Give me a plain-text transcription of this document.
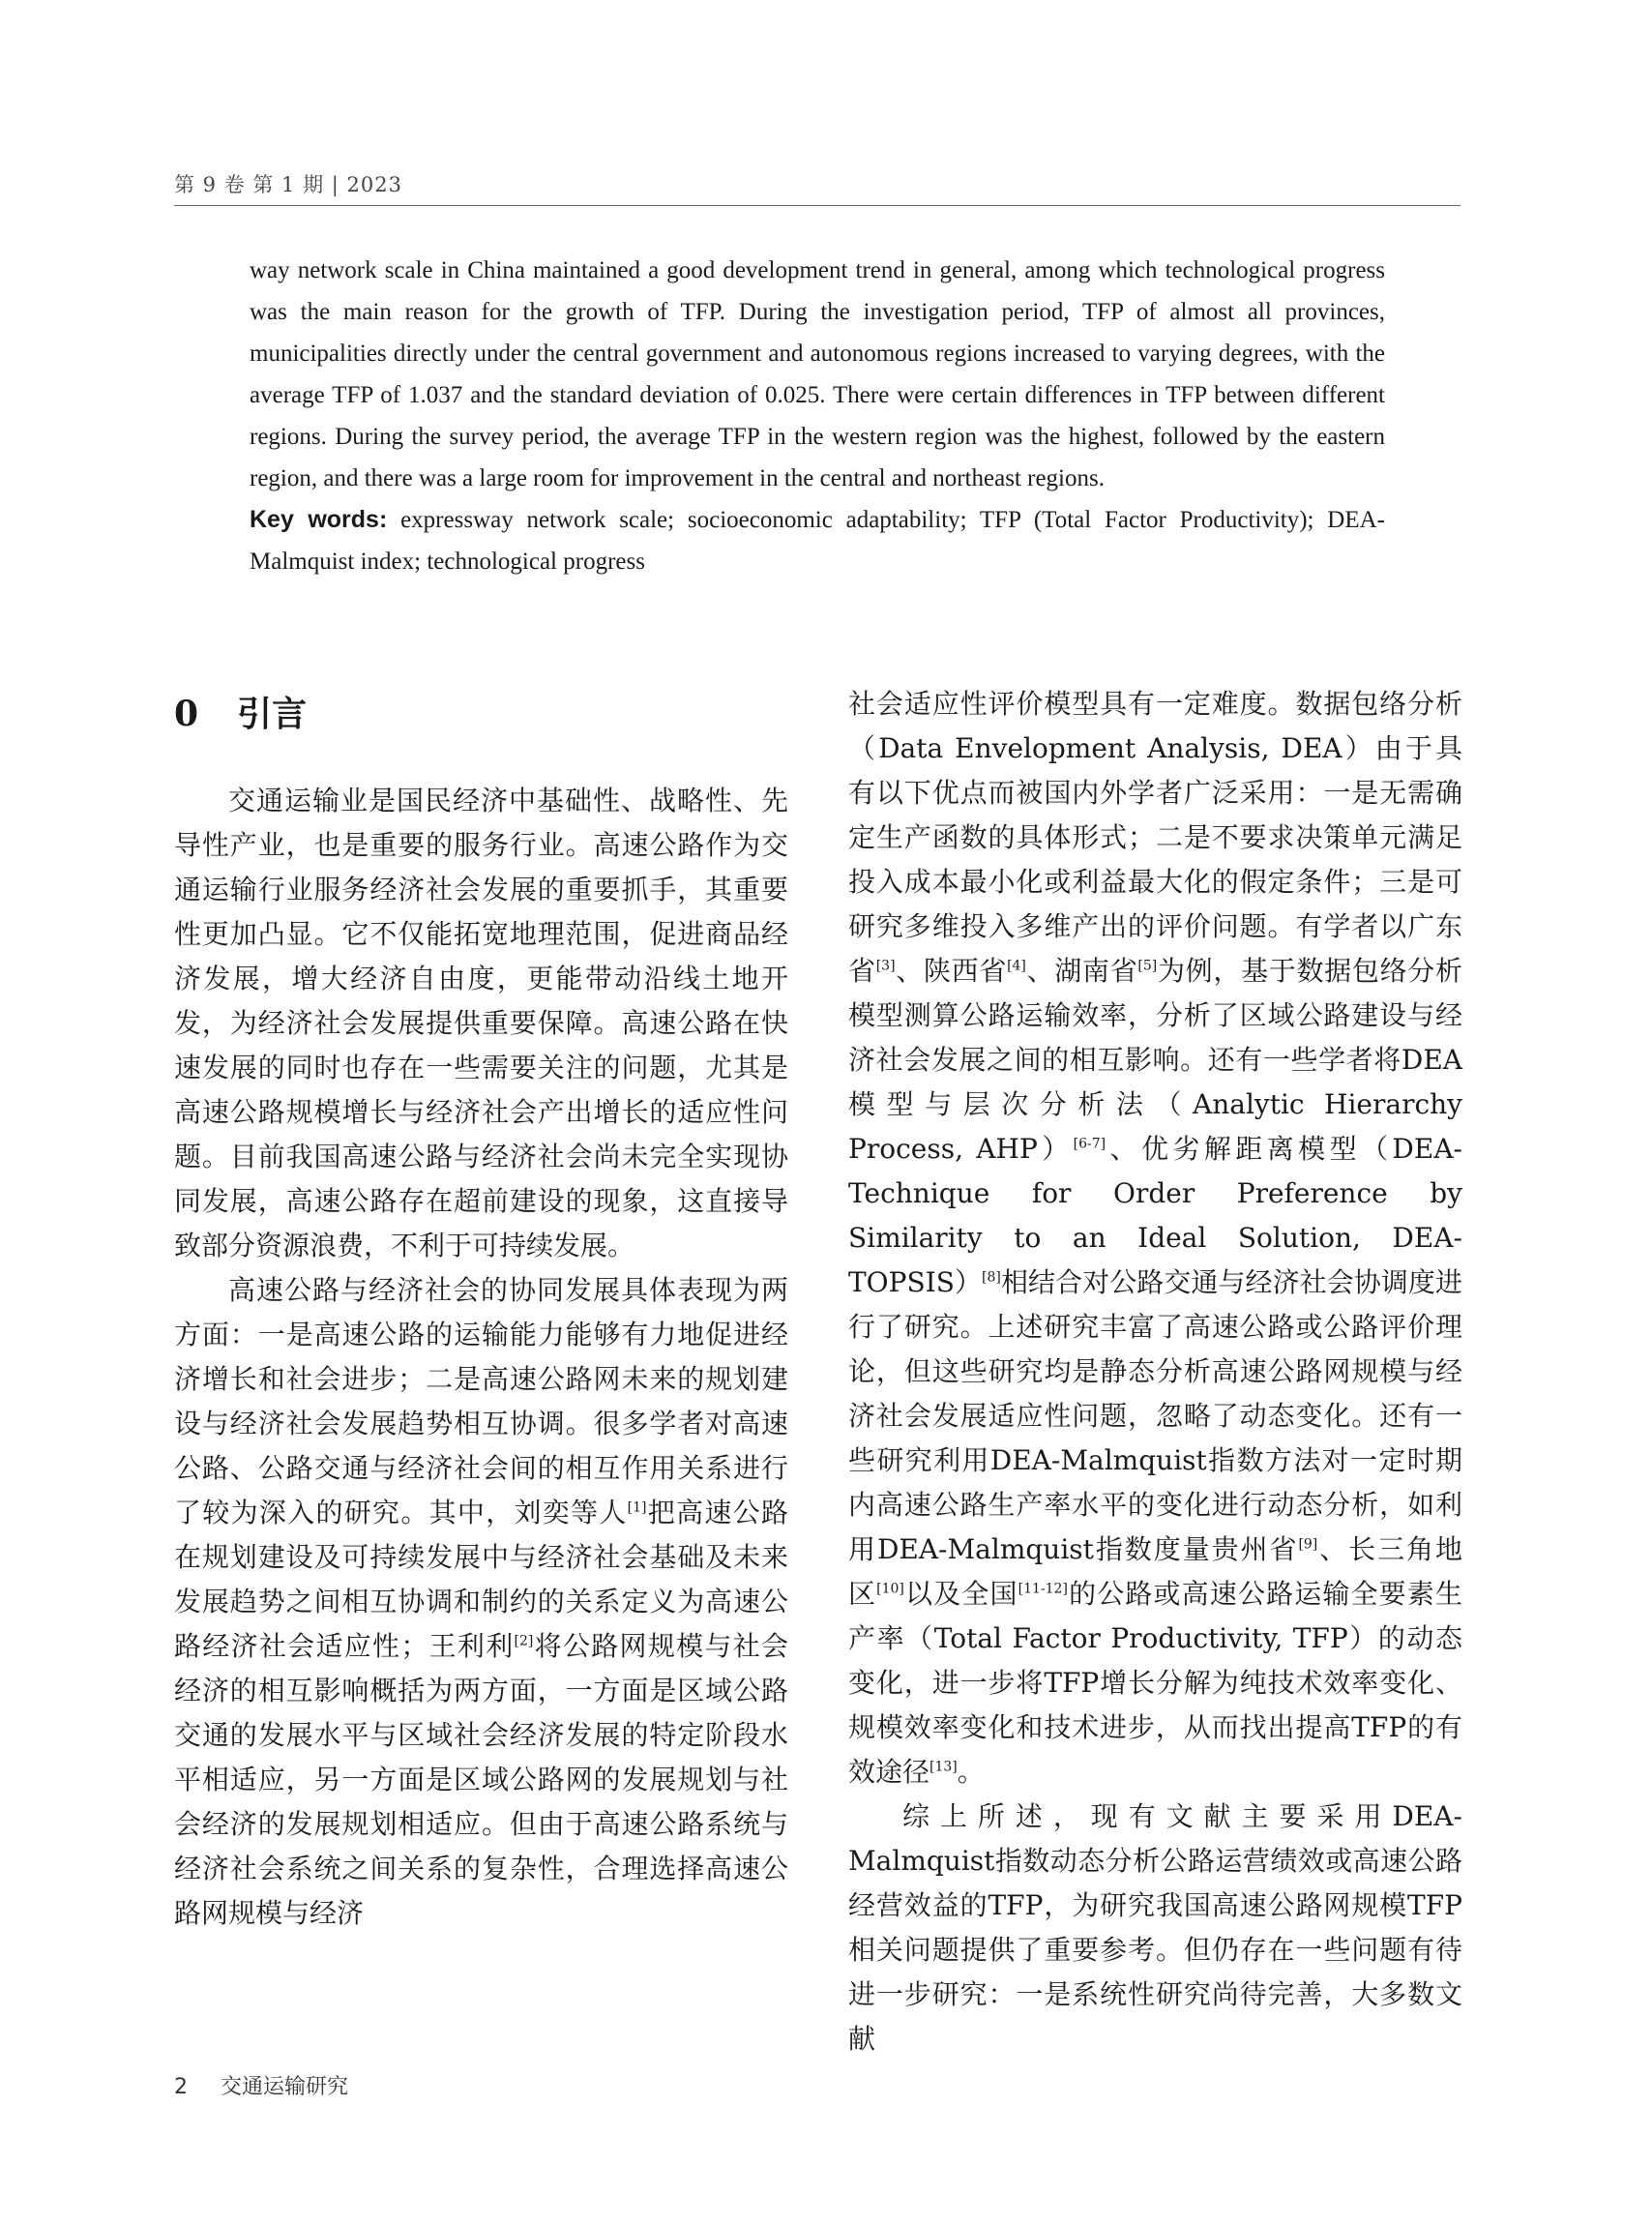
第 9 卷 第 1 期 | 2023

way network scale in China maintained a good development trend in general, among which technological progress was the main reason for the growth of TFP. During the investigation period, TFP of almost all provinces, municipalities directly under the central government and autonomous regions increased to varying degrees, with the average TFP of 1.037 and the standard deviation of 0.025. There were certain differences in TFP between different regions. During the survey period, the average TFP in the western region was the highest, followed by the eastern region, and there was a large room for improvement in the central and northeast regions.

Key words: expressway network scale; socioeconomic adaptability; TFP (Total Factor Productivity); DEA-Malmquist index; technological progress

0 引言

交通运输业是国民经济中基础性、战略性、先导性产业，也是重要的服务行业。高速公路作为交通运输行业服务经济社会发展的重要抓手，其重要性更加凸显。它不仅能拓宽地理范围，促进商品经济发展，增大经济自由度，更能带动沿线土地开发，为经济社会发展提供重要保障。高速公路在快速发展的同时也存在一些需要关注的问题，尤其是高速公路规模增长与经济社会产出增长的适应性问题。目前我国高速公路与经济社会尚未完全实现协同发展，高速公路存在超前建设的现象，这直接导致部分资源浪费，不利于可持续发展。

高速公路与经济社会的协同发展具体表现为两方面：一是高速公路的运输能力能够有力地促进经济增长和社会进步；二是高速公路网未来的规划建设与经济社会发展趋势相互协调。很多学者对高速公路、公路交通与经济社会间的相互作用关系进行了较为深入的研究。其中，刘奕等人[1]把高速公路在规划建设及可持续发展中与经济社会基础及未来发展趋势之间相互协调和制约的关系定义为高速公路经济社会适应性；王利利[2]将公路网规模与社会经济的相互影响概括为两方面，一方面是区域公路交通的发展水平与区域社会经济发展的特定阶段水平相适应，另一方面是区域公路网的发展规划与社会经济的发展规划相适应。但由于高速公路系统与经济社会系统之间关系的复杂性，合理选择高速公路网规模与经济

社会适应性评价模型具有一定难度。数据包络分析（Data Envelopment Analysis, DEA）由于具有以下优点而被国内外学者广泛采用：一是无需确定生产函数的具体形式；二是不要求决策单元满足投入成本最小化或利益最大化的假定条件；三是可研究多维投入多维产出的评价问题。有学者以广东省[3]、陕西省[4]、湖南省[5]为例，基于数据包络分析模型测算公路运输效率，分析了区域公路建设与经济社会发展之间的相互影响。还有一些学者将DEA模型与层次分析法（Analytic Hierarchy Process, AHP）[6-7]、优劣解距离模型（DEA-Technique for Order Preference by Similarity to an Ideal Solution, DEA-TOPSIS）[8]相结合对公路交通与经济社会协调度进行了研究。上述研究丰富了高速公路或公路评价理论，但这些研究均是静态分析高速公路网规模与经济社会发展适应性问题，忽略了动态变化。还有一些研究利用DEA-Malmquist指数方法对一定时期内高速公路生产率水平的变化进行动态分析，如利用DEA-Malmquist指数度量贵州省[9]、长三角地区[10]以及全国[11-12]的公路或高速公路运输全要素生产率（Total Factor Productivity, TFP）的动态变化，进一步将TFP增长分解为纯技术效率变化、规模效率变化和技术进步，从而找出提高TFP的有效途径[13]。

综上所述，现有文献主要采用DEA-Malmquist指数动态分析公路运营绩效或高速公路经营效益的TFP，为研究我国高速公路网规模TFP相关问题提供了重要参考。但仍存在一些问题有待进一步研究：一是系统性研究尚待完善，大多数文献

2 交通运输研究
